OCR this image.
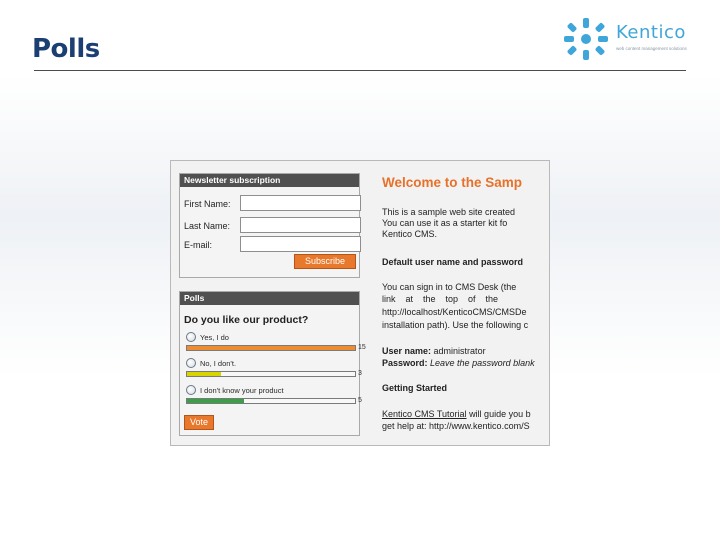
Polls
Kentico
web content management solutions
Newsletter subscription
First Name:
Last Name:
E-mail:
Subscribe
Polls
Do you like our product?
Yes, I do
15
No, I don't.
3
I don't know your product
5
Vote
Welcome to the Samp
This is a sample web site created
You can use it as a starter kit fo
Kentico CMS.
Default user name and password
You can sign in to CMS Desk (the
link    at    the    top    of    the
http://localhost/KenticoCMS/CMSDe
installation path). Use the following c
User name: administrator
Password: Leave the password blank
Getting Started
Kentico CMS Tutorial will guide you b
get help at: http://www.kentico.com/S
